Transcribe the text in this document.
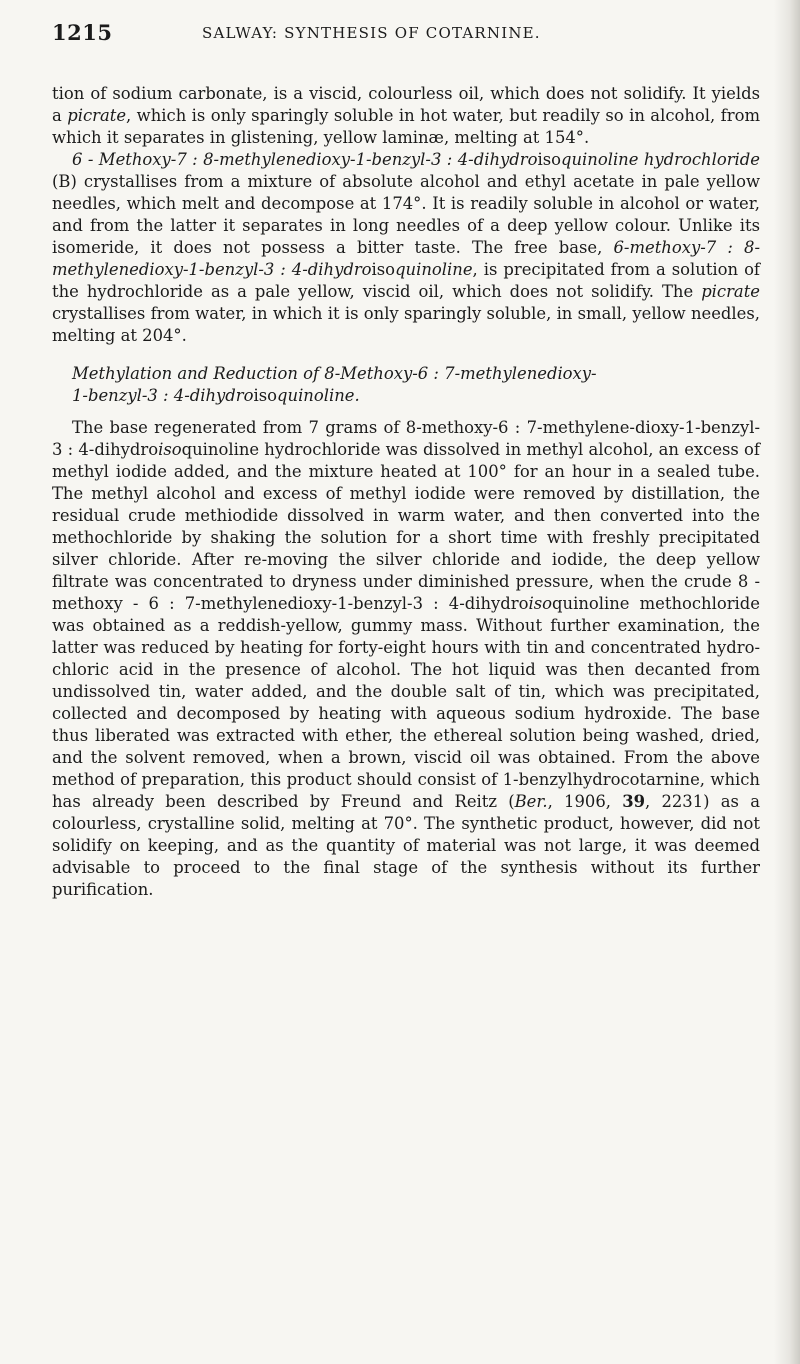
1215	SALWAY: SYNTHESIS OF COTARNINE.

tion of sodium carbonate, is a viscid, colourless oil, which does not solidify. It yields a picrate, which is only sparingly soluble in hot water, but readily so in alcohol, from which it separates in glistening, yellow laminæ, melting at 154°.

6 - Methoxy-7 : 8-methylenedioxy-1-benzyl-3 : 4-dihydroisoquinoline hydrochloride (B) crystallises from a mixture of absolute alcohol and ethyl acetate in pale yellow needles, which melt and decompose at 174°. It is readily soluble in alcohol or water, and from the latter it separates in long needles of a deep yellow colour. Unlike its isomeride, it does not possess a bitter taste. The free base, 6-methoxy-7 : 8-methylenedioxy-1-benzyl-3 : 4-dihydroisoquinoline, is precipitated from a solution of the hydrochloride as a pale yellow, viscid oil, which does not solidify. The picrate crystallises from water, in which it is only sparingly soluble, in small, yellow needles, melting at 204°.

Methylation and Reduction of 8-Methoxy-6 : 7-methylenedioxy-
1-benzyl-3 : 4-dihydroisoquinoline.

The base regenerated from 7 grams of 8-methoxy-6 : 7-methylene-dioxy-1-benzyl-3 : 4-dihydroisoquinoline hydrochloride was dissolved in methyl alcohol, an excess of methyl iodide added, and the mixture heated at 100° for an hour in a sealed tube. The methyl alcohol and excess of methyl iodide were removed by distillation, the residual crude methiodide dissolved in warm water, and then converted into the methochloride by shaking the solution for a short time with freshly precipitated silver chloride. After re-moving the silver chloride and iodide, the deep yellow filtrate was concentrated to dryness under diminished pressure, when the crude 8 - methoxy - 6 : 7-methylenedioxy-1-benzyl-3 : 4-dihydroisoquinoline methochloride was obtained as a reddish-yellow, gummy mass. Without further examination, the latter was reduced by heating for forty-eight hours with tin and concentrated hydro-chloric acid in the presence of alcohol. The hot liquid was then decanted from undissolved tin, water added, and the double salt of tin, which was precipitated, collected and decomposed by heating with aqueous sodium hydroxide. The base thus liberated was extracted with ether, the ethereal solution being washed, dried, and the solvent removed, when a brown, viscid oil was obtained. From the above method of preparation, this product should consist of 1-benzylhydrocotarnine, which has already been described by Freund and Reitz (Ber., 1906, 39, 2231) as a colourless, crystalline solid, melting at 70°. The synthetic product, however, did not solidify on keeping, and as the quantity of material was not large, it was deemed advisable to proceed to the final stage of the synthesis without its further purification.
